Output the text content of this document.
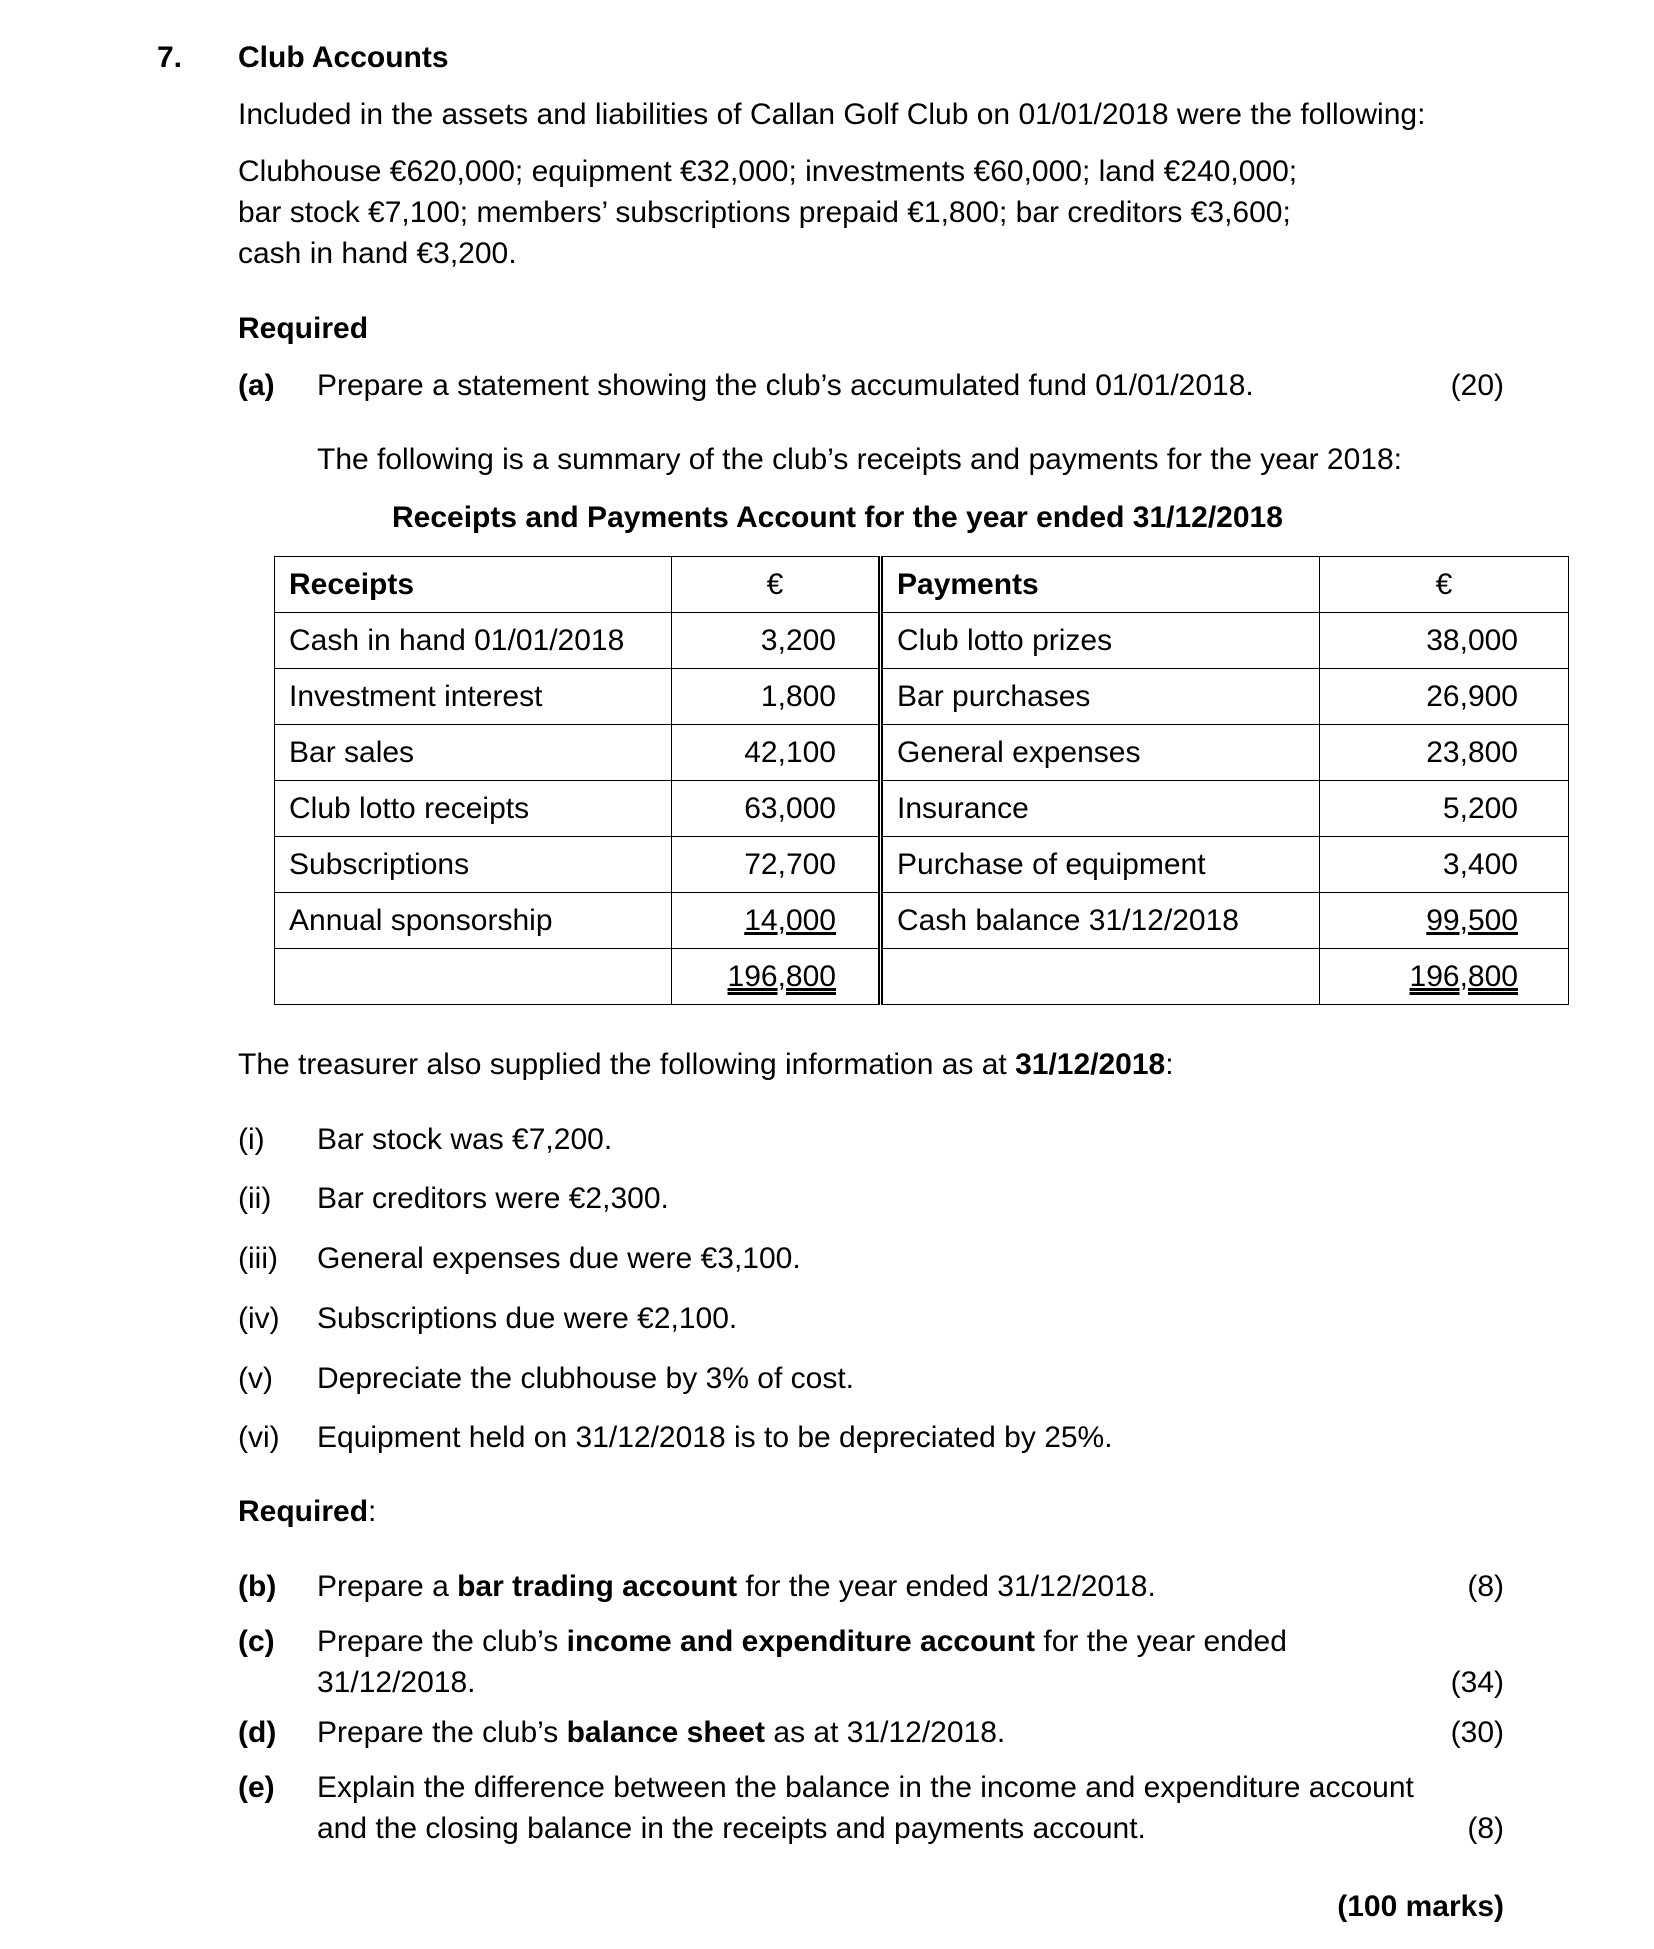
7. Club Accounts
Included in the assets and liabilities of Callan Golf Club on 01/01/2018 were the following:
Clubhouse €620,000; equipment €32,000; investments €60,000; land €240,000;
bar stock €7,100; members’ subscriptions prepaid €1,800; bar creditors €3,600;
cash in hand €3,200.
Required
(a) Prepare a statement showing the club’s accumulated fund 01/01/2018.	(20)
The following is a summary of the club’s receipts and payments for the year 2018:
Receipts and Payments Account for the year ended 31/12/2018
Receipts	€	Payments	€
Cash in hand 01/01/2018	3,200	Club lotto prizes	38,000
Investment interest	1,800	Bar purchases	26,900
Bar sales	42,100	General expenses	23,800
Club lotto receipts	63,000	Insurance	5,200
Subscriptions	72,700	Purchase of equipment	3,400
Annual sponsorship	14,000	Cash balance 31/12/2018	99,500
	196,800		196,800
The treasurer also supplied the following information as at 31/12/2018:
(i) Bar stock was €7,200.
(ii) Bar creditors were €2,300.
(iii) General expenses due were €3,100.
(iv) Subscriptions due were €2,100.
(v) Depreciate the clubhouse by 3% of cost.
(vi) Equipment held on 31/12/2018 is to be depreciated by 25%.
Required:
(b) Prepare a bar trading account for the year ended 31/12/2018.	(8)
(c) Prepare the club’s income and expenditure account for the year ended
31/12/2018.	(34)
(d) Prepare the club’s balance sheet as at 31/12/2018.	(30)
(e) Explain the difference between the balance in the income and expenditure account
and the closing balance in the receipts and payments account.	(8)
(100 marks)
